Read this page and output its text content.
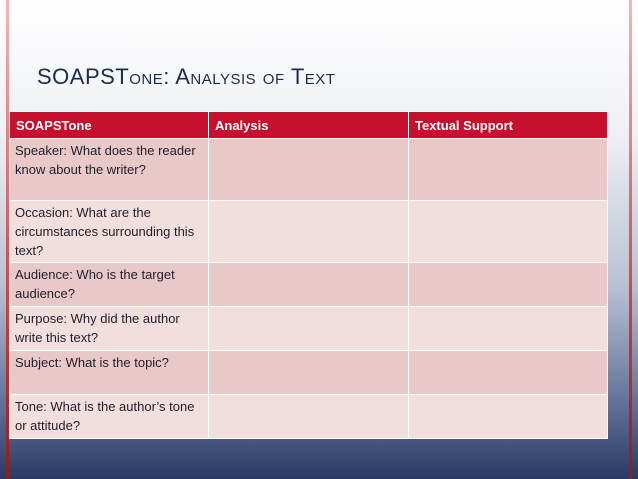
SOAPSTone: Analysis of Text
SOAPSTone	Analysis	Textual Support
Speaker: What does the reader know about the writer?		
Occasion: What are the circumstances surrounding this text?		
Audience: Who is the target audience?		
Purpose: Why did the author write this text?		
Subject: What is the topic?		
Tone: What is the author’s tone or attitude?		
